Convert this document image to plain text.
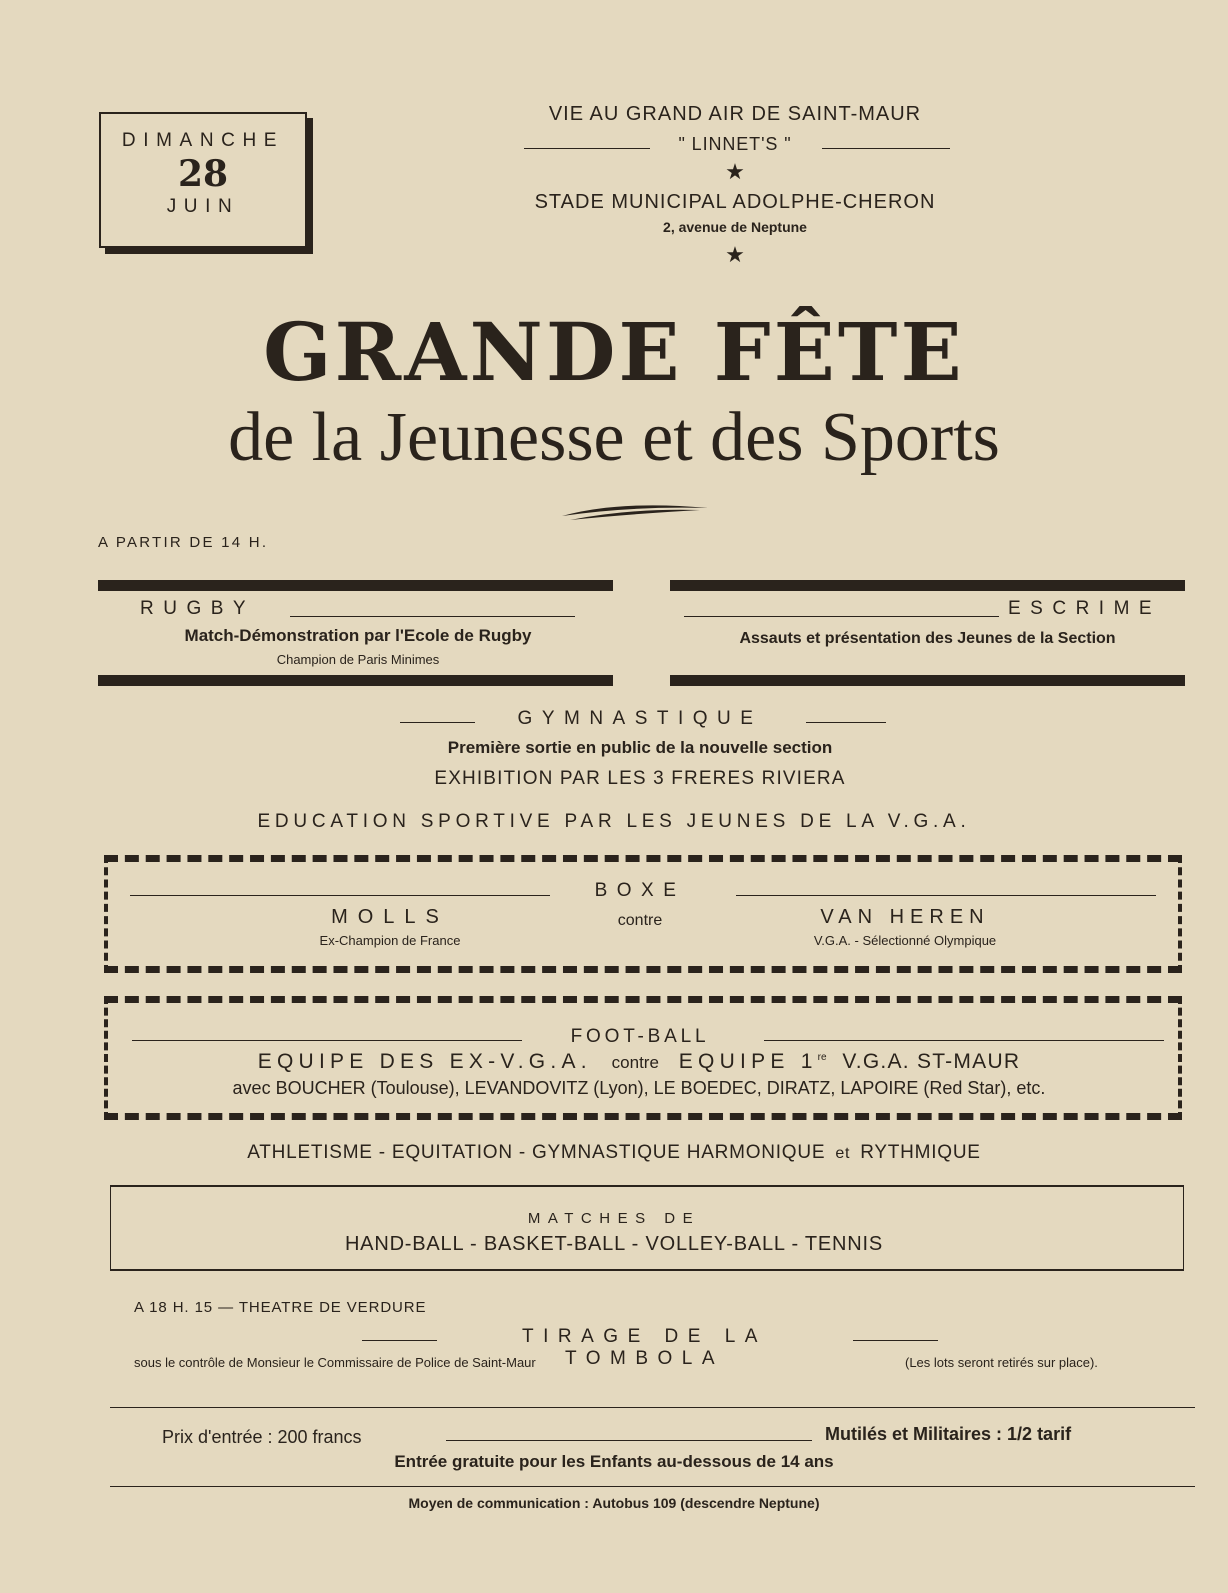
DIMANCHE
28
JUIN
VIE AU GRAND AIR DE SAINT-MAUR
" LINNET'S "
★
STADE MUNICIPAL ADOLPHE-CHERON
2, avenue de Neptune
★
GRANDE FÊTE
de la Jeunesse et des Sports
A PARTIR DE 14 H.
RUGBY
Match-Démonstration par l'Ecole de Rugby
Champion de Paris Minimes
ESCRIME
Assauts et présentation des Jeunes de la Section
GYMNASTIQUE
Première sortie en public de la nouvelle section
EXHIBITION PAR LES 3 FRERES RIVIERA
EDUCATION SPORTIVE PAR LES JEUNES DE LA V.G.A.
BOXE
MOLLS
Ex-Champion de France
contre	VAN HEREN
V.G.A. - Sélectionné Olympique
FOOT-BALL
EQUIPE DES EX-V.G.A. contre EQUIPE 1re V.G.A. ST-MAUR
avec BOUCHER (Toulouse), LEVANDOVITZ (Lyon), LE BOEDEC, DIRATZ, LAPOIRE (Red Star), etc.
ATHLETISME - EQUITATION - GYMNASTIQUE HARMONIQUE et RYTHMIQUE
MATCHES DE
HAND-BALL - BASKET-BALL - VOLLEY-BALL - TENNIS
A 18 H. 15 — THEATRE DE VERDURE
TIRAGE DE LA TOMBOLA
sous le contrôle de Monsieur le Commissaire de Police de Saint-Maur	(Les lots seront retirés sur place).
Prix d'entrée : 200 francs	Mutilés et Militaires : 1/2 tarif
Entrée gratuite pour les Enfants au-dessous de 14 ans
Moyen de communication : Autobus 109 (descendre Neptune)
